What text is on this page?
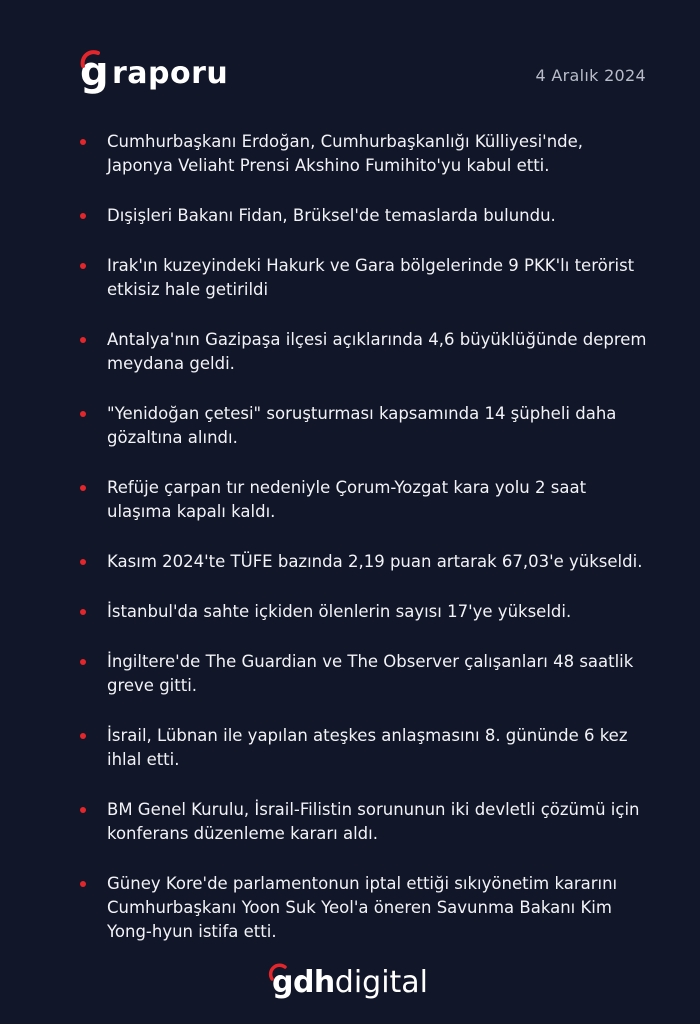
g raporu	4 Aralık 2024
Cumhurbaşkanı Erdoğan, Cumhurbaşkanlığı Külliyesi'nde, Japonya Veliaht Prensi Akshino Fumihito'yu kabul etti.
Dışişleri Bakanı Fidan, Brüksel'de temaslarda bulundu.
Irak'ın kuzeyindeki Hakurk ve Gara bölgelerinde 9 PKK'lı terörist etkisiz hale getirildi
Antalya'nın Gazipaşa ilçesi açıklarında 4,6 büyüklüğünde deprem meydana geldi.
"Yenidoğan çetesi" soruşturması kapsamında 14 şüpheli daha gözaltına alındı.
Refüje çarpan tır nedeniyle Çorum-Yozgat kara yolu 2 saat ulaşıma kapalı kaldı.
Kasım 2024'te TÜFE bazında 2,19 puan artarak 67,03'e yükseldi.
İstanbul'da sahte içkiden ölenlerin sayısı 17'ye yükseldi.
İngiltere'de The Guardian ve The Observer çalışanları 48 saatlik greve gitti.
İsrail, Lübnan ile yapılan ateşkes anlaşmasını 8. gününde 6 kez ihlal etti.
BM Genel Kurulu, İsrail-Filistin sorununun iki devletli çözümü için konferans düzenleme kararı aldı.
Güney Kore'de parlamentonun iptal ettiği sıkıyönetim kararını Cumhurbaşkanı Yoon Suk Yeol'a öneren Savunma Bakanı Kim Yong-hyun istifa etti.
gdh digital
